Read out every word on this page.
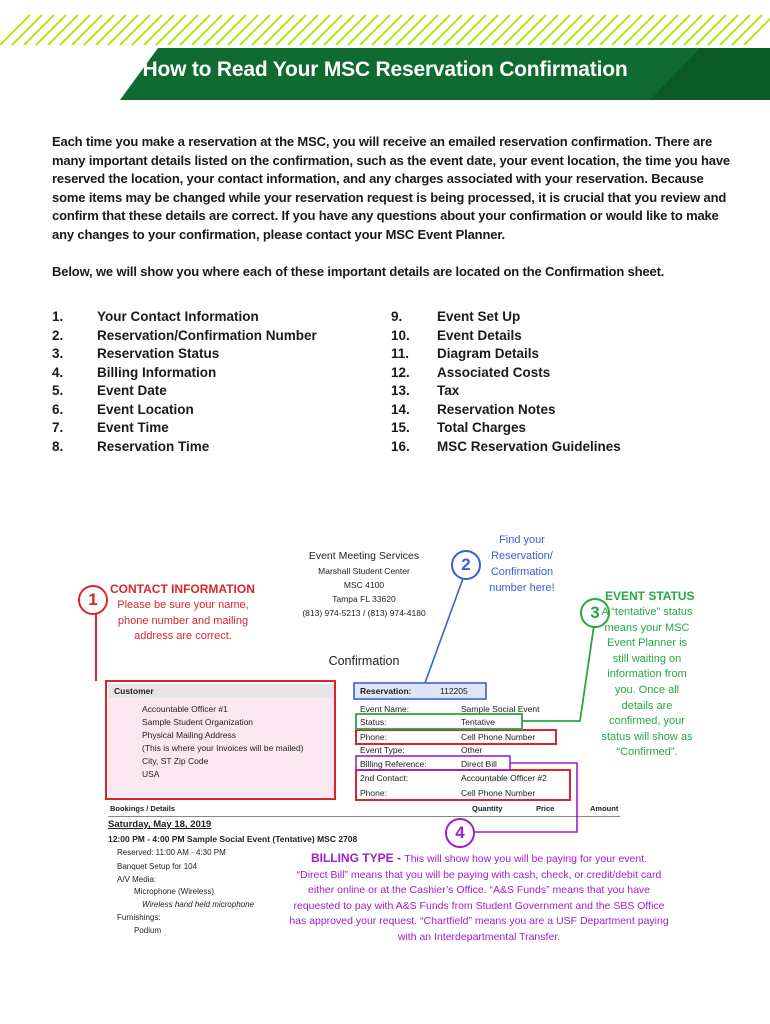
How to Read Your MSC Reservation Confirmation
Each time you make a reservation at the MSC, you will receive an emailed reservation confirmation. There are many important details listed on the confirmation, such as the event date, your event location, the time you have reserved the location, your contact information, and any charges associated with your reservation. Because some items may be changed while your reservation request is being processed, it is crucial that you review and confirm that these details are correct. If you have any questions about your confirmation or would like to make any changes to your confirmation, please contact your MSC Event Planner.
Below, we will show you where each of these important details are located on the Confirmation sheet.
1. Your Contact Information
2. Reservation/Confirmation Number
3. Reservation Status
4. Billing Information
5. Event Date
6. Event Location
7. Event Time
8. Reservation Time
9.	Event Set Up
10. Event Details
11. Diagram Details
12. Associated Costs
13. Tax
14. Reservation Notes
15. Total Charges
16. MSC Reservation Guidelines
Event Meeting Services
Marshall Student Center
MSC 4100
Tampa FL 33620
(813) 974-5213 / (813) 974-4180
Confirmation
Customer
Accountable Officer #1
Sample Student Organization
Physical Mailing Address
(This is where your Invoices will be mailed)
City, ST Zip Code
USA
Reservation:	112205
Event Name:	Sample Social Event
Status:	Tentative
Phone:	Cell Phone Number
Event Type:	Other
Billing Reference:	Direct Bill
2nd Contact:	Accountable Officer #2
Phone:	Cell Phone Number
Bookings / Details	Quantity	Price	Amount
Saturday, May 18, 2019
12:00 PM - 4:00 PM Sample Social Event (Tentative) MSC 2708
Reserved: 11:00 AM - 4:30 PM
Banquet Setup for 104
A/V Media:
Microphone (Wireless)
Wireless hand held microphone
Furnishings:
Podium
1
CONTACT INFORMATION
Please be sure your name, phone number and mailing address are correct.
2
Find your Reservation/ Confirmation number here!
EVENT STATUS
3 A “tentative” status means your MSC Event Planner is still waiting on information from you. Once all details are confirmed, your status will show as “Confirmed”.
4
BILLING TYPE - This will show how you will be paying for your event.
“Direct Bill” means that you will be paying with cash, check, or credit/debit card either online or at the Cashier’s Office. “A&S Funds” means that you have requested to pay with A&S Funds from Student Government and the SBS Office has approved your request. “Chartfield” means you are a USF Department paying with an Interdepartmental Transfer.
